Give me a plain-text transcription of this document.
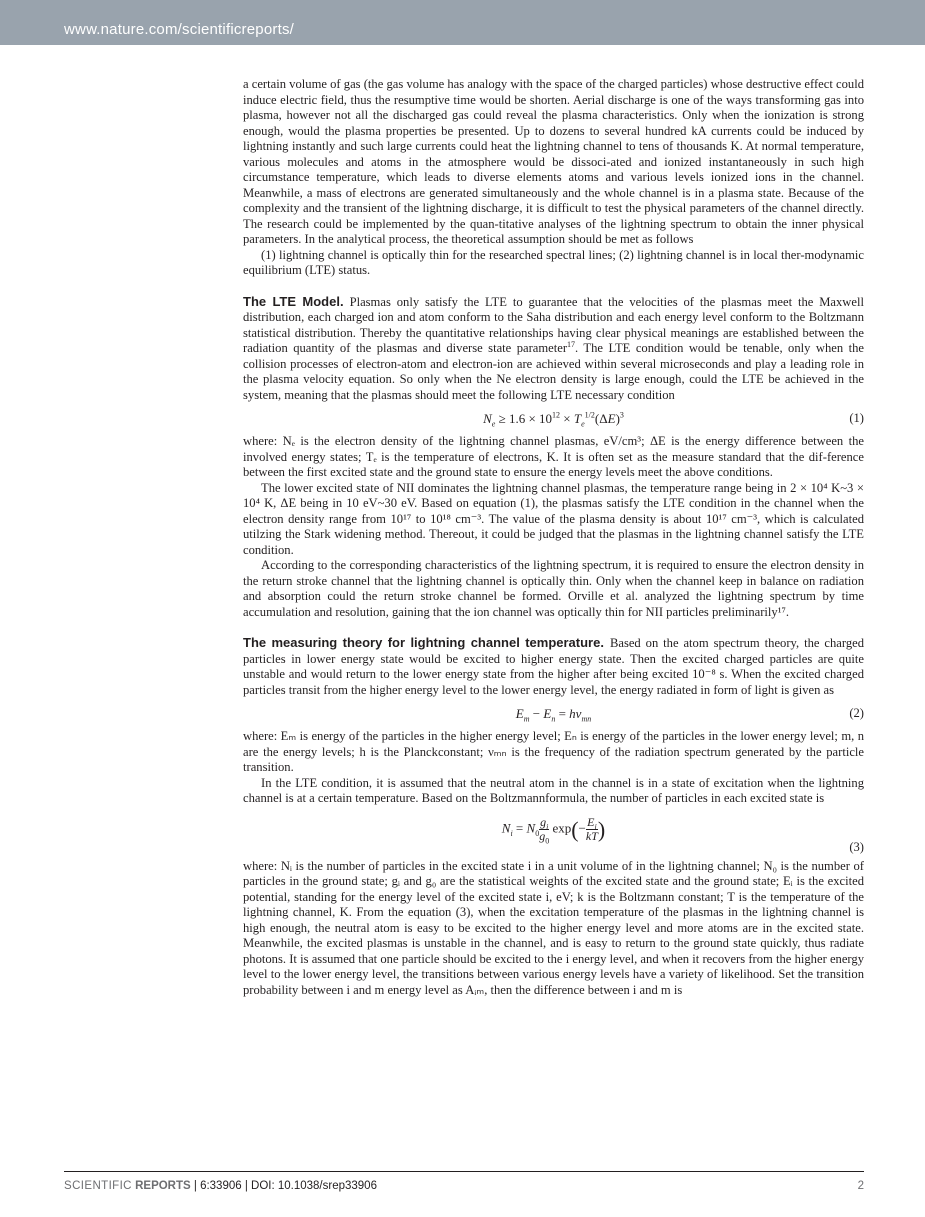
www.nature.com/scientificreports/

a certain volume of gas (the gas volume has analogy with the space of the charged particles) whose destructive effect could induce electric field, thus the resumptive time would be shorten. Aerial discharge is one of the ways transforming gas into plasma, however not all the discharged gas could reveal the plasma characteristics. Only when the ionization is strong enough, would the plasma properties be presented. Up to dozens to several hundred kA currents could be induced by lightning instantly and such large currents could heat the lightning channel to tens of thousands K. At normal temperature, various molecules and atoms in the atmosphere would be dissoci-ated and ionized instantaneously in such high circumstance temperature, which leads to diverse elements atoms and various levels ionized ions in the channel. Meanwhile, a mass of electrons are generated simultaneously and the whole channel is in a plasma state. Because of the complexity and the transient of the lightning discharge, it is difficult to test the physical parameters of the channel directly. The research could be implemented by the quan-titative analyses of the lightning spectrum to obtain the inner physical parameters. In the analytical process, the theoretical assumption should be met as follows

(1) lightning channel is optically thin for the researched spectral lines; (2) lightning channel is in local ther-modynamic equilibrium (LTE) status.

The LTE Model. Plasmas only satisfy the LTE to guarantee that the velocities of the plasmas meet the Maxwell distribution, each charged ion and atom conform to the Saha distribution and each energy level conform to the Boltzmann statistical distribution. Thereby the quantitative relationships having clear physical meanings are established between the radiation quantity of the plasmas and diverse state parameter$^{17}$. The LTE condition would be tenable, only when the collision processes of electron-atom and electron-ion are achieved within several microseconds and play a leading role in the plasma velocity equation. So only when the Ne electron density is large enough, could the LTE be achieved in the system, meaning that the plasmas should meet the following LTE necessary condition

$N_e \ge 1.6 \times 10^{12} \times T_e^{1/2}(\Delta E)^3$	(1)

where: Nₑ is the electron density of the lightning channel plasmas, eV/cm³; ΔE is the energy difference between the involved energy states; Tₑ is the temperature of electrons, K. It is often set as the measure standard that the dif-ference between the first excited state and the ground state to ensure the energy levels meet the above conditions.

The lower excited state of NII dominates the lightning channel plasmas, the temperature range being in 2 × 10⁴ K~3 × 10⁴ K, ΔE being in 10 eV~30 eV. Based on equation (1), the plasmas satisfy the LTE condition in the channel when the electron density range from 10¹⁷ to 10¹⁸ cm⁻³. The value of the plasma density is about 10¹⁷ cm⁻³, which is calculated utilzing the Stark widening method. Thereout, it could be judged that the plasmas in the lightning channel satisfy the LTE condition.

According to the corresponding characteristics of the lightning spectrum, it is required to ensure the electron density in the return stroke channel that the lightning channel is optically thin. Only when the channel keep in balance on radiation and absorption could the return stroke channel be formed. Orville et al. analyzed the lightning spectrum by time accumulation and resolution, gaining that the ion channel was optically thin for NII particles preliminarily¹⁷.

The measuring theory for lightning channel temperature. Based on the atom spectrum theory, the charged particles in lower energy state would be excited to higher energy state. Then the excited charged particles are quite unstable and would return to the lower energy state from the higher after being excited 10⁻⁸ s. When the excited charged particles transit from the higher energy level to the lower energy level, the energy radiated in form of light is given as

$E_m - E_n = h\nu_{mn}$	(2)

where: Eₘ is energy of the particles in the higher energy level; Eₙ is energy of the particles in the lower energy level; m, n are the energy levels; h is the Planckconstant; νₘₙ is the frequency of the radiation spectrum generated by the particle transition.

In the LTE condition, it is assumed that the neutral atom in the channel is in a state of excitation when the lightning channel is at a certain temperature. Based on the Boltzmannformula, the number of particles in each excited state is

$N_i = N_0 \frac{g_i}{g_0} \exp(- \frac{E_i}{kT}$ )
(3)

where: Nᵢ is the number of particles in the excited state i in a unit volume of in the lightning channel; N₀ is the number of particles in the ground state; gᵢ and g₀ are the statistical weights of the excited state and the ground state; Eᵢ is the excited potential, standing for the energy level of the excited state i, eV; k is the Boltzmann constant; T is the temperature of the lightning channel, K. From the equation (3), when the excitation temperature of the plasmas in the lightning channel is high enough, the neutral atom is easy to be excited to the higher energy level and more atoms are in the excited state. Meanwhile, the excited plasmas is unstable in the channel, and is easy to return to the ground state quickly, thus radiate photons. It is assumed that one particle should be excited to the i energy level, and when it recovers from the higher energy level to the lower energy level, the transitions between various energy levels have a variety of likelihood. Set the transition probability between i and m energy level as Aᵢₘ, then the difference between i and m is

SCIENTIFIC REPORTS | 6:33906 | DOI: 10.1038/srep33906	2
